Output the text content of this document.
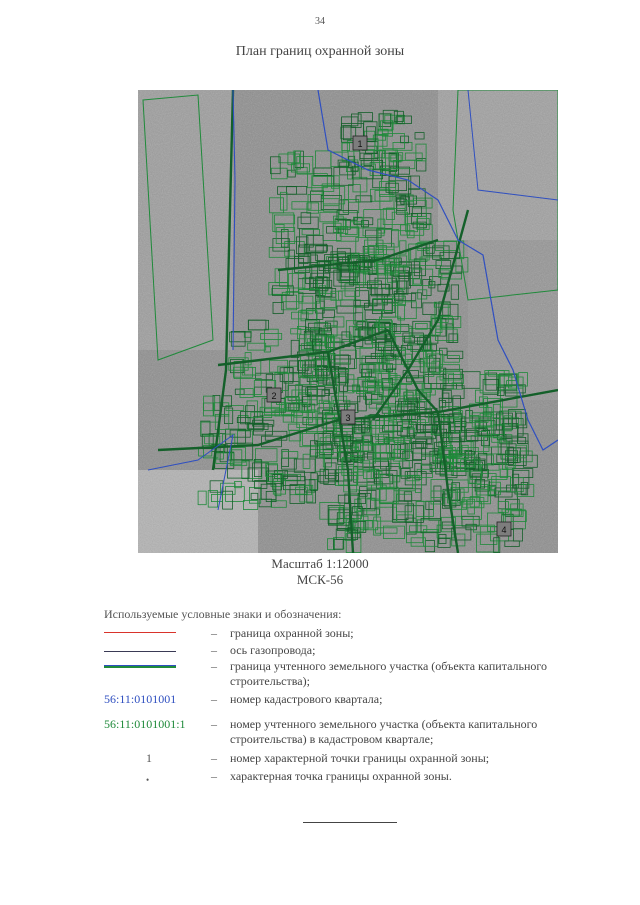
34
План границ охранной зоны
1
2
3
4
Масштаб 1:12000
МСК-56
Используемые условные знаки и обозначения:
– граница охранной зоны;
– ось газопровода;
– граница учтенного земельного участка (объекта капитального строительства);
56:11:0101001	– номер кадастрового квартала;
56:11:0101001:1 – номер учтенного земельного участка (объекта капитального строительства) в кадастровом квартале;
1	– номер характерной точки границы охранной зоны;
•	– характерная точка границы охранной зоны.
